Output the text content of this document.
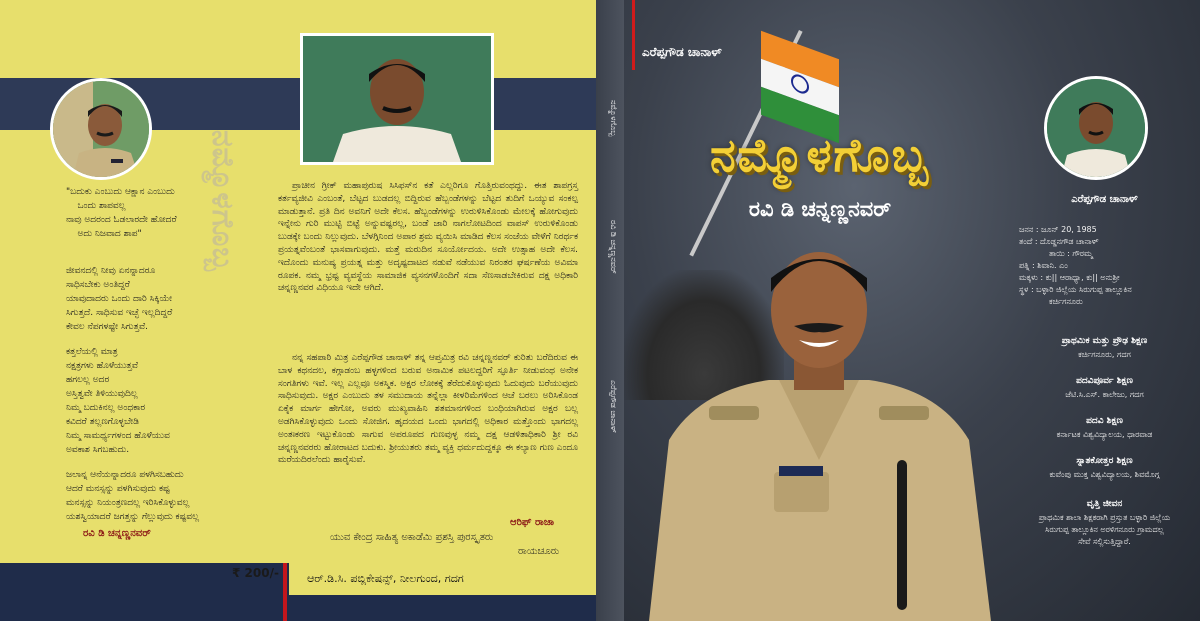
ನಮ್ಮೊಳಗೊಬ್ಬ
"ಬದುಕು ಎಂಬುದು ಆಕ್ಷಾನ ಎಂಬುದು
ಒಂದು ಶಾಪವಲ್ಲ
ನಾವು ಅದರಂದ ಓಡಲಾರದೇ ಹೋದರೆ
ಅದು ನಿಜವಾದ ಶಾಪ"
ಜೀವನದಲ್ಲಿ ನೀವು ಏನನ್ನಾದರೂ
ಸಾಧಿಸಬೇಕು ಅಂತಿದ್ದರೆ
ಯಾವುದಾದರು ಒಂದು ದಾರಿ ಸಿಕ್ಕಿಯೇ
ಸಿಗುತ್ತದೆ. ಸಾಧಿಸುವ ಇಚ್ಛೆ ಇಲ್ಲದಿದ್ದರೆ
ಕೇವಲ ನೆಪಗಳಷ್ಟೇ ಸಿಗುತ್ತವೆ.
ಕತ್ತಲೆಯಲ್ಲಿ ಮಾತ್ರ
ನಕ್ಷತ್ರಗಳು ಹೊಳೆಯುತ್ತವೆ
ಹಗಲಲ್ಲ ಅದರ
ಅಸ್ತಿತ್ವವೇ ತಿಳಿಯುವುದಿಲ್ಲ
ನಿಮ್ಮ ಬದುಕಿನಲ್ಲ ಅಂಧಕಾರ
ಕವಿದರೆ ತಲ್ಲಣಗೊಳ್ಳಬೇಡಿ
ನಿಮ್ಮ ಸಾಮರ್ಥ್ಯಗಳಂದ ಹೊಳೆಯುವ
ಅವಕಾಶ ಸಿಗಬಹುದು.
ಜಲಾನ್ನ ಆನೆಯನ್ನಾದರೂ ಪಳಗಿಸಬಹುದು
ಆದರೆ ಮನಸ್ಸನ್ನು ಪಳಗಿಸುವುದು ಕಷ್ಟ
ಮನಸ್ಸನ್ನು ನಿಯಂತ್ರಣದಲ್ಲ ಇರಿಸಿಕೊಳ್ಳುವಲ್ಲ
ಯಶಸ್ವಿಯಾದರೆ ಜಗತ್ತನ್ನು ಗೆಲ್ಲುವುದು ಕಷ್ಟವಲ್ಲ
ರವಿ ಡಿ ಚನ್ನಣ್ಣನವರ್

ಪ್ರಾಚೀನ ಗ್ರೀಕ್ ಮಹಾಪುರುಷ ಸಿಸಿಫಸ್‌ನ ಕತೆ ಎಲ್ಲರಿಗೂ ಗೊತ್ತಿರುವಂಥದ್ದು. ಈತ ಶಾಪಗ್ರಸ್ತ ಕರ್ತವ್ಯಜೀವಿ ಎಂಬಂತೆ, ಬೆಟ್ಟದ ಬುಡದಲ್ಲ ಬಿದ್ದಿರುವ ಹೆಬ್ಬಂಡೆಗಳನ್ನು ಬೆಟ್ಟದ ತುದಿಗೆ ಒಯ್ಯುವ ಸಂಕಲ್ಪ ಮಾಡುತ್ತಾನೆ. ಪ್ರತಿ ದಿನ ಅವನಿಗೆ ಅದೇ ಕೆಲಸ. ಹೆಬ್ಬಂಡೆಗಳನ್ನು ಉರುಳಿಸಿಕೊಂಡು ಮೇಲಕ್ಕೆ ಹೋಗುವುದು ಇನ್ನೇನು ಗುರಿ ಮುಟ್ಟಿ ಬಿಟ್ಟೆ ಅನ್ನುವಷ್ಟರಲ್ಲ, ಬಂಡೆ ಜಾರಿ ನಾಗಲೋಟದಿಂದ ವಾಪಸ್ ಉರುಳಿಕೊಂಡು ಬುಡಕ್ಕೇ ಬಂದು ನಿಲ್ಲುವುದು. ಬೆಳಗ್ಗಿನಿಂದ ಅಪಾರ ಶ್ರಮ ವ್ಯಯಿಸಿ ಮಾಡಿದ ಕೆಲಸ ಸಂಜೆಯ ವೇಳೆಗೆ ನಿರರ್ಥಕ ಪ್ರಯತ್ನವೆಂಬಂತೆ ಭಾಸವಾಗುವುದು. ಮತ್ತೆ ಮರುದಿನ ಸೂರ್ಯೋದಯ. ಅದೇ ಉತ್ಸಾಹ ಅದೇ ಕೆಲಸ. ಇದೊಂದು ಮನುಷ್ಯ ಪ್ರಯತ್ನ ಮತ್ತು ಅದೃಷ್ಟದಾಟದ ನಡುವೆ ನಡೆಯುವ ನಿರಂತರ ಘರ್ಷಣೆಯ ಅವಿಮಾ ರೂಪಕ. ನಮ್ಮ ಭ್ರಷ್ಟ ವ್ಯವಸ್ಥೆಯ ಸಾಮಾಜಿಕ ವ್ಯಸನಗಳೊಂದಿಗೆ ಸದಾ ಸೆಣಸಾಡಬೇಕಿರುವ ದಕ್ಷ ಅಧಿಕಾರಿ ಚನ್ನಣ್ಣನವರ ವಿಧಿಯೂ ಇದೇ ಆಗಿದೆ.

ನನ್ನ ಸಹಪಾಠಿ ಮಿತ್ರ ಎರೆಪ್ಪಗೌಡ ಚಾನಾಳ್ ತನ್ನ ಆಪ್ತಮಿತ್ರ ರವಿ ಚನ್ನಣ್ಣನವರ್ ಕುರಿತು ಬರೆದಿರುವ ಈ ಬಾಳ ಕಥನದಲ, ಕಗ್ಗಾಡಂಬ ಹಳ್ಳಗಳಿಂದ ಬರುವ ಅನಾಮಿಕ ಪಟಲದ್ದರಿಗೆ ಸ್ಫೂರ್ತಿ ನೀಡುವಂಥ ಅನೇಕ ಸಂಗತಿಗಳು ಇವೆ. ಇಲ್ಲ ಎಲ್ಲವೂ ಅಕಸ್ಮಿಕ. ಅಕ್ಷರ ಲೋಕಕ್ಕೆ ತೆರೆದುಕೊಳ್ಳುವುದು ಓದುವುದು ಬರೆಯುವುದು ಸಾಧಿಸುವುದು. ಅಕ್ಷರ ಎಂಬುದು ತಳ ಸಮುದಾಯ ತನ್ನೆಲ್ಲಾ ಕೀಳರಿಮೆಗಳಿಂದ ಆಚೆ ಬರಲು ಅರಿಸಿಕೊಂಡ ಏಕೈಕ ಮಾರ್ಗ ಹೇಗೋ, ಅವರು ಮುಖ್ಯವಾಹಿನಿ ಶತಮಾನಗಳಿಂದ ಬಂಧಿಯಾಗಿರುವ ಅಕ್ಷರ ಬಲ್ಲ ಅಡಗಿಸಿಕೊಳ್ಳುವುದು ಒಂದು ಸೋಜಿಗ. ಹೃದಯದ ಒಂದು ಭಾಗದಲ್ಲಿ ಅಧಿಕಾರ ಮತ್ತೊಂದು ಭಾಗದಲ್ಲ ಅಂತಃಕರಣ ಇಟ್ಟುಕೊಂಡು ಸಾಗುವ ಅಪರೂಪದ ಗುಣವುಳ್ಳ ನಮ್ಮ ದಕ್ಷ ಆಡಳಿತಾಧಿಕಾರಿ ಶ್ರೀ ರವಿ ಚನ್ನಣ್ಣನವರರು ಹೋರಾಟದ ಬದುಕು. ಶ್ರೀಯುತರು ತಮ್ಮ ವ್ಯಕ್ತಿ ಧರ್ಮದುದ್ದಕ್ಕೂ ಈ ಕಲ್ಯಾಣ ಗುಣ ಎಂದೂ ಮರೆಯದಿರಲೆಂದು ಹಾರೈಸುವೆ.

ಆರಿಫ್ ರಾಜಾ
ಯುವ ಕೇಂದ್ರ ಸಾಹಿತ್ಯ ಅಕಾಡೆಮಿ ಪ್ರಶಸ್ತಿ ಪುರಸ್ಕೃತರು
ರಾಯಚೂರು
₹ 200/-	ಆರ್.ಡಿ.ಸಿ. ಪಬ್ಲಿಕೇಷನ್ಸ್, ನೀಲಗುಂದ, ಗದಗ
ನಮ್ಮೊಳಗೊಬ್ಬ
ರವಿ ಡಿ ಚನ್ನಣ್ಣನವರ್
ಎರೆಪ್ಪಗೌಡ ಚಾನಾಳ್
ಎರೆಪ್ಪಗೌಡ ಚಾನಾಳ್
ನಮ್ಮೊಳಗೊಬ್ಬ
ರವಿ ಡಿ ಚನ್ನಣ್ಣನವರ್	ಎರೆಪ್ಪಗೌಡ ಚಾನಾಳ್
ಜನನ : ಜೂನ್ 20, 1985
ತಂದೆ : ದೊಡ್ಡನಗೌಡ ಚಾನಾಳ್
ತಾಯಿ : ಗೌರಮ್ಮ
ಪತ್ನಿ : ಶಿವಾನಿ. ಎಂ
ಮಕ್ಕಳು : ಕು|| ಆರಾಧ್ಯಾ, ಕು|| ಅನುಶ್ರೀ
ಸ್ಥಳ : ಬಳ್ಳಾರಿ ಜಿಲ್ಲೆಯ ಸಿರುಗುಪ್ಪ ತಾಲ್ಲೂಕಿನ
ಕರ್ಚಿಗನೂರು
ಪ್ರಾಥಮಿಕ ಮತ್ತು ಪ್ರೌಢ ಶಿಕ್ಷಣ
ಕರ್ಚಿಗನೂರು, ಗದಗ
ಪದವಿಪೂರ್ವ ಶಿಕ್ಷಣ
ಜೆಟಿ.ಸಿ.ಎಸ್. ಕಾಲೇಜು, ಗದಗ
ಪದವಿ ಶಿಕ್ಷಣ
ಕರ್ನಾಟಕ ವಿಶ್ವವಿದ್ಯಾಲಯ, ಧಾರವಾಡ
ಸ್ನಾತಕೋತ್ತರ ಶಿಕ್ಷಣ
ಕುವೆಂಪು ಮುಕ್ತ ವಿಶ್ವವಿದ್ಯಾಲಯ, ಶಿವಮೊಗ್ಗ
ವೃತ್ತಿ ಜೀವನ
ಪ್ರಾಥಮಿಕ ಶಾಲಾ ಶಿಕ್ಷಕರಾಗಿ ಪ್ರಸ್ತುತ ಬಳ್ಳಾರಿ ಜಿಲ್ಲೆಯ
ಸಿರುಗುಪ್ಪ ತಾಲ್ಲೂಕಿನ ಅರಳಿಗನೂರು ಗ್ರಾಮದಲ್ಲ
ಸೇವೆ ಸಲ್ಲಿಸುತ್ತಿದ್ದಾರೆ.
